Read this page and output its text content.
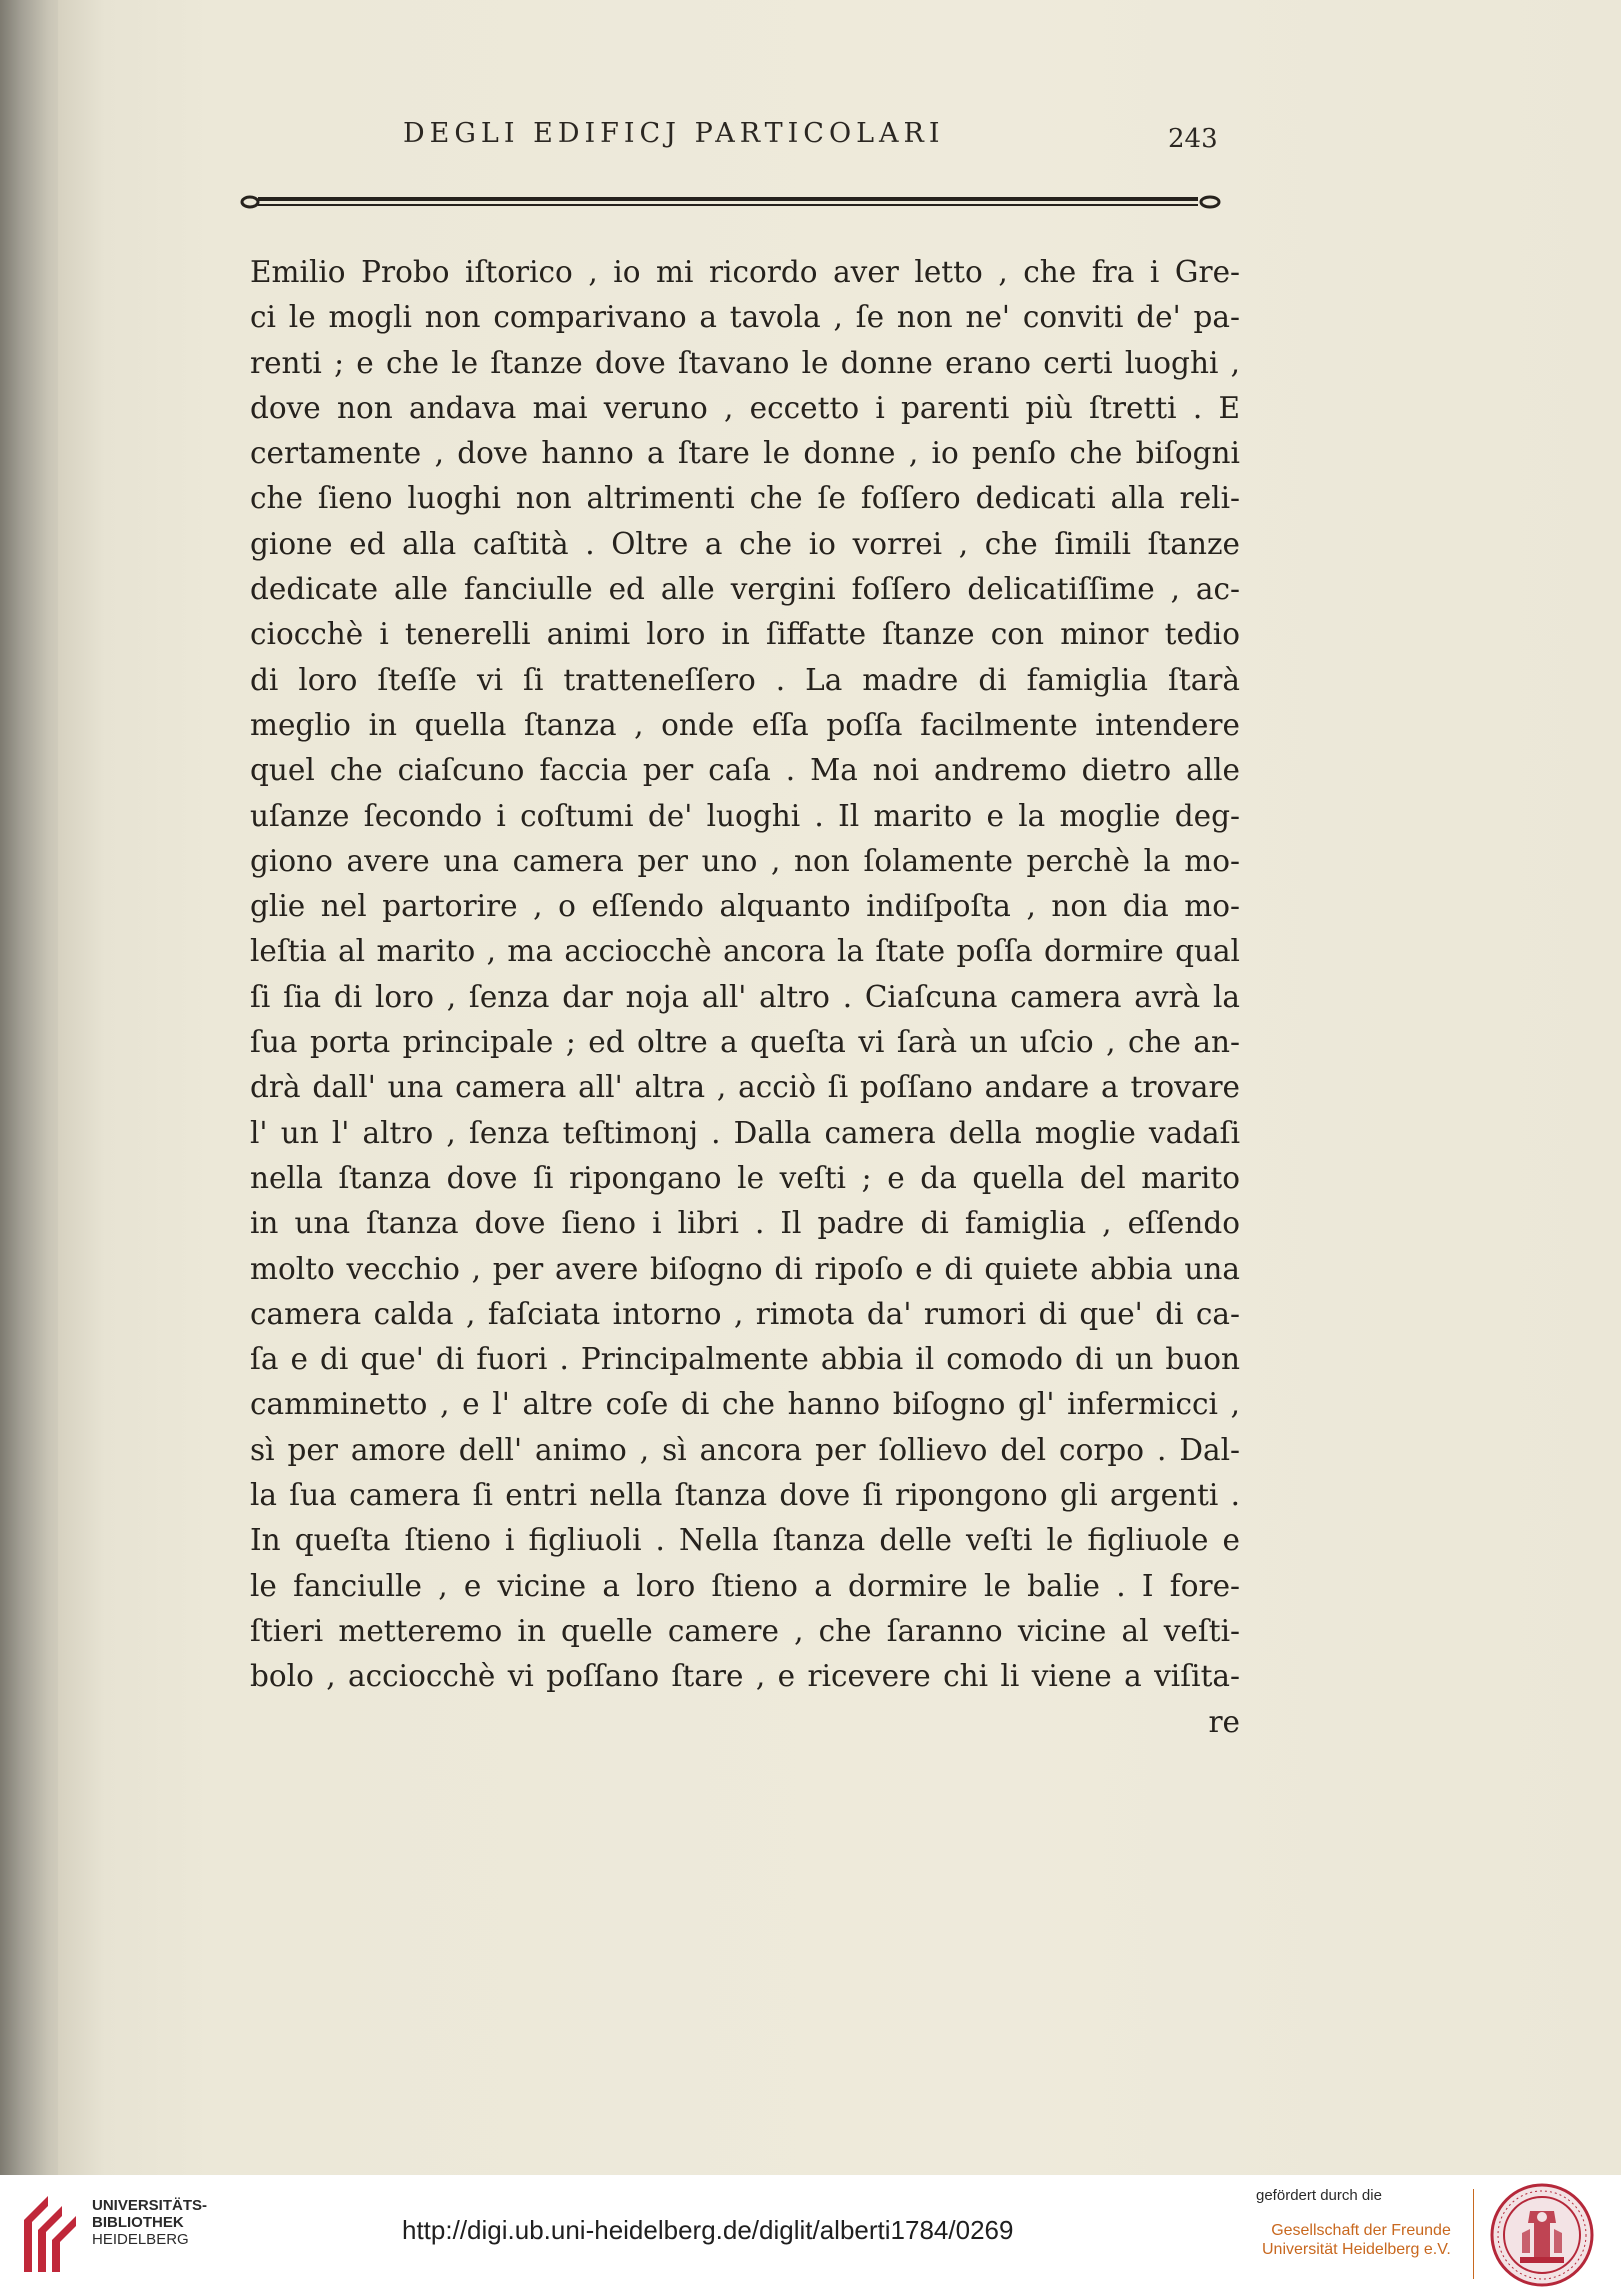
DEGLI EDIFICJ PARTICOLARI	243
Emilio Probo iſtorico , io mi ricordo aver letto , che fra i Gre-
ci le mogli non comparivano a tavola , ſe non ne' conviti de' pa-
renti ; e che le ſtanze dove ſtavano le donne erano certi luoghi ,
dove non andava mai veruno , eccetto i parenti più ſtretti . E
certamente , dove hanno a ſtare le donne , io penſo che biſogni
che ſieno luoghi non altrimenti che ſe foſſero dedicati alla reli-
gione ed alla caſtità . Oltre a che io vorrei , che ſimili ſtanze
dedicate alle fanciulle ed alle vergini foſſero delicatiſſime , ac-
ciocchè i tenerelli animi loro in ſiffatte ſtanze con minor tedio
di loro ſteſſe vi ſi tratteneſſero . La madre di famiglia ſtarà
meglio in quella ſtanza , onde eſſa poſſa facilmente intendere
quel che ciaſcuno faccia per caſa . Ma noi andremo dietro alle
uſanze ſecondo i coſtumi de' luoghi . Il marito e la moglie deg-
giono avere una camera per uno , non ſolamente perchè la mo-
glie nel partorire , o eſſendo alquanto indiſpoſta , non dia mo-
leſtia al marito , ma acciocchè ancora la ſtate poſſa dormire qual
ſi ſia di loro , ſenza dar noja all' altro . Ciaſcuna camera avrà la
ſua porta principale ; ed oltre a queſta vi ſarà un uſcio , che an-
drà dall' una camera all' altra , acciò ſi poſſano andare a trovare
l' un l' altro , ſenza teſtimonj . Dalla camera della moglie vadaſi
nella ſtanza dove ſi ripongano le veſti ; e da quella del marito
in una ſtanza dove ſieno i libri . Il padre di famiglia , eſſendo
molto vecchio , per avere biſogno di ripoſo e di quiete abbia una
camera calda , faſciata intorno , rimota da' rumori di que' di ca-
ſa e di que' di fuori . Principalmente abbia il comodo di un buon
camminetto , e l' altre coſe di che hanno biſogno gl' infermicci ,
sì per amore dell' animo , sì ancora per ſollievo del corpo . Dal-
la ſua camera ſi entri nella ſtanza dove ſi ripongono gli argenti .
In queſta ſtieno i figliuoli . Nella ſtanza delle veſti le figliuole e
le fanciulle , e vicine a loro ſtieno a dormire le balie . I fore-
ſtieri metteremo in quelle camere , che ſaranno vicine al veſti-
bolo , acciocchè vi poſſano ſtare , e ricevere chi li viene a viſita-
re
UNIVERSITÄTS-
BIBLIOTHEK
HEIDELBERG	http://digi.ub.uni-heidelberg.de/diglit/alberti1784/0269
gefördert durch die
Gesellschaft der Freunde
Universität Heidelberg e.V.
